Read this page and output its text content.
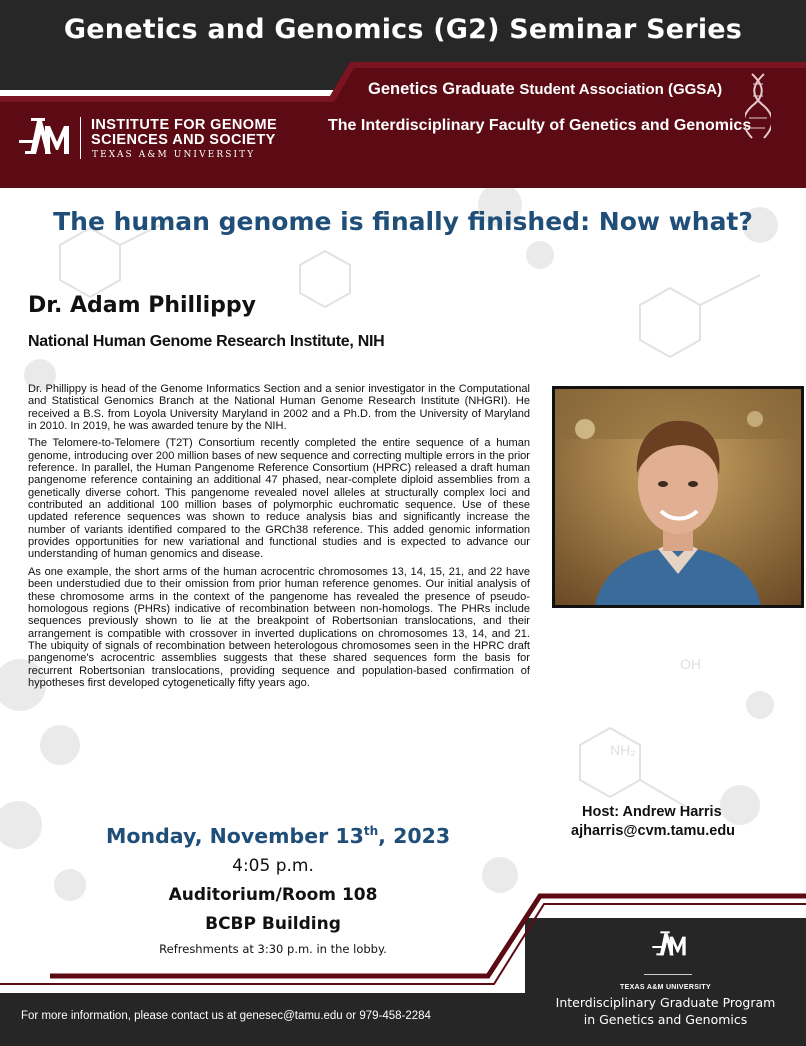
OH
NH₂
Genetics and Genomics (G2) Seminar Series
Genetics Graduate Student Association (GGSA)
The Interdisciplinary Faculty of Genetics and Genomics
INSTITUTE FOR GENOME
SCIENCES AND SOCIETY
TEXAS A&M UNIVERSITY
The human genome is finally finished: Now what?
Dr. Adam Phillippy
National Human Genome Research Institute, NIH

Dr. Phillippy is head of the Genome Informatics Section and a senior investigator in the Computational and Statistical Genomics Branch at the National Human Genome Research Institute (NHGRI). He received a B.S. from Loyola University Maryland in 2002 and a Ph.D. from the University of Maryland in 2010. In 2019, he was awarded tenure by the NIH.

The Telomere-to-Telomere (T2T) Consortium recently completed the entire sequence of a human genome, introducing over 200 million bases of new sequence and correcting multiple errors in the prior reference. In parallel, the Human Pangenome Reference Consortium (HPRC) released a draft human pangenome reference containing an additional 47 phased, near-complete diploid assemblies from a genetically diverse cohort. This pangenome revealed novel alleles at structurally complex loci and contributed an additional 100 million bases of polymorphic euchromatic sequence. Use of these updated reference sequences was shown to reduce analysis bias and significantly increase the number of variants identified compared to the GRCh38 reference. This added genomic information provides opportunities for new variational and functional studies and is expected to advance our understanding of human genomics and disease.

As one example, the short arms of the human acrocentric chromosomes 13, 14, 15, 21, and 22 have been understudied due to their omission from prior human reference genomes. Our initial analysis of these chromosome arms in the context of the pangenome has revealed the presence of pseudo-homologous regions (PHRs) indicative of recombination between non-homologs. The PHRs include sequences previously shown to lie at the breakpoint of Robertsonian translocations, and their arrangement is compatible with crossover in inverted duplications on chromosomes 13, 14, and 21. The ubiquity of signals of recombination between heterologous chromosomes seen in the HPRC draft pangenome's acrocentric assemblies suggests that these shared sequences form the basis for recurrent Robertsonian translocations, providing sequence and population-based confirmation of hypotheses first developed cytogenetically fifty years ago.

Host: Andrew Harris
ajharris@cvm.tamu.edu
Monday, November 13th, 2023
4:05 p.m.
Auditorium/Room 108
BCBP Building
Refreshments at 3:30 p.m. in the lobby.
For more information, please contact us at genesec@tamu.edu or 979-458-2284
TEXAS A&M UNIVERSITY
Interdisciplinary Graduate Program
in Genetics and Genomics
